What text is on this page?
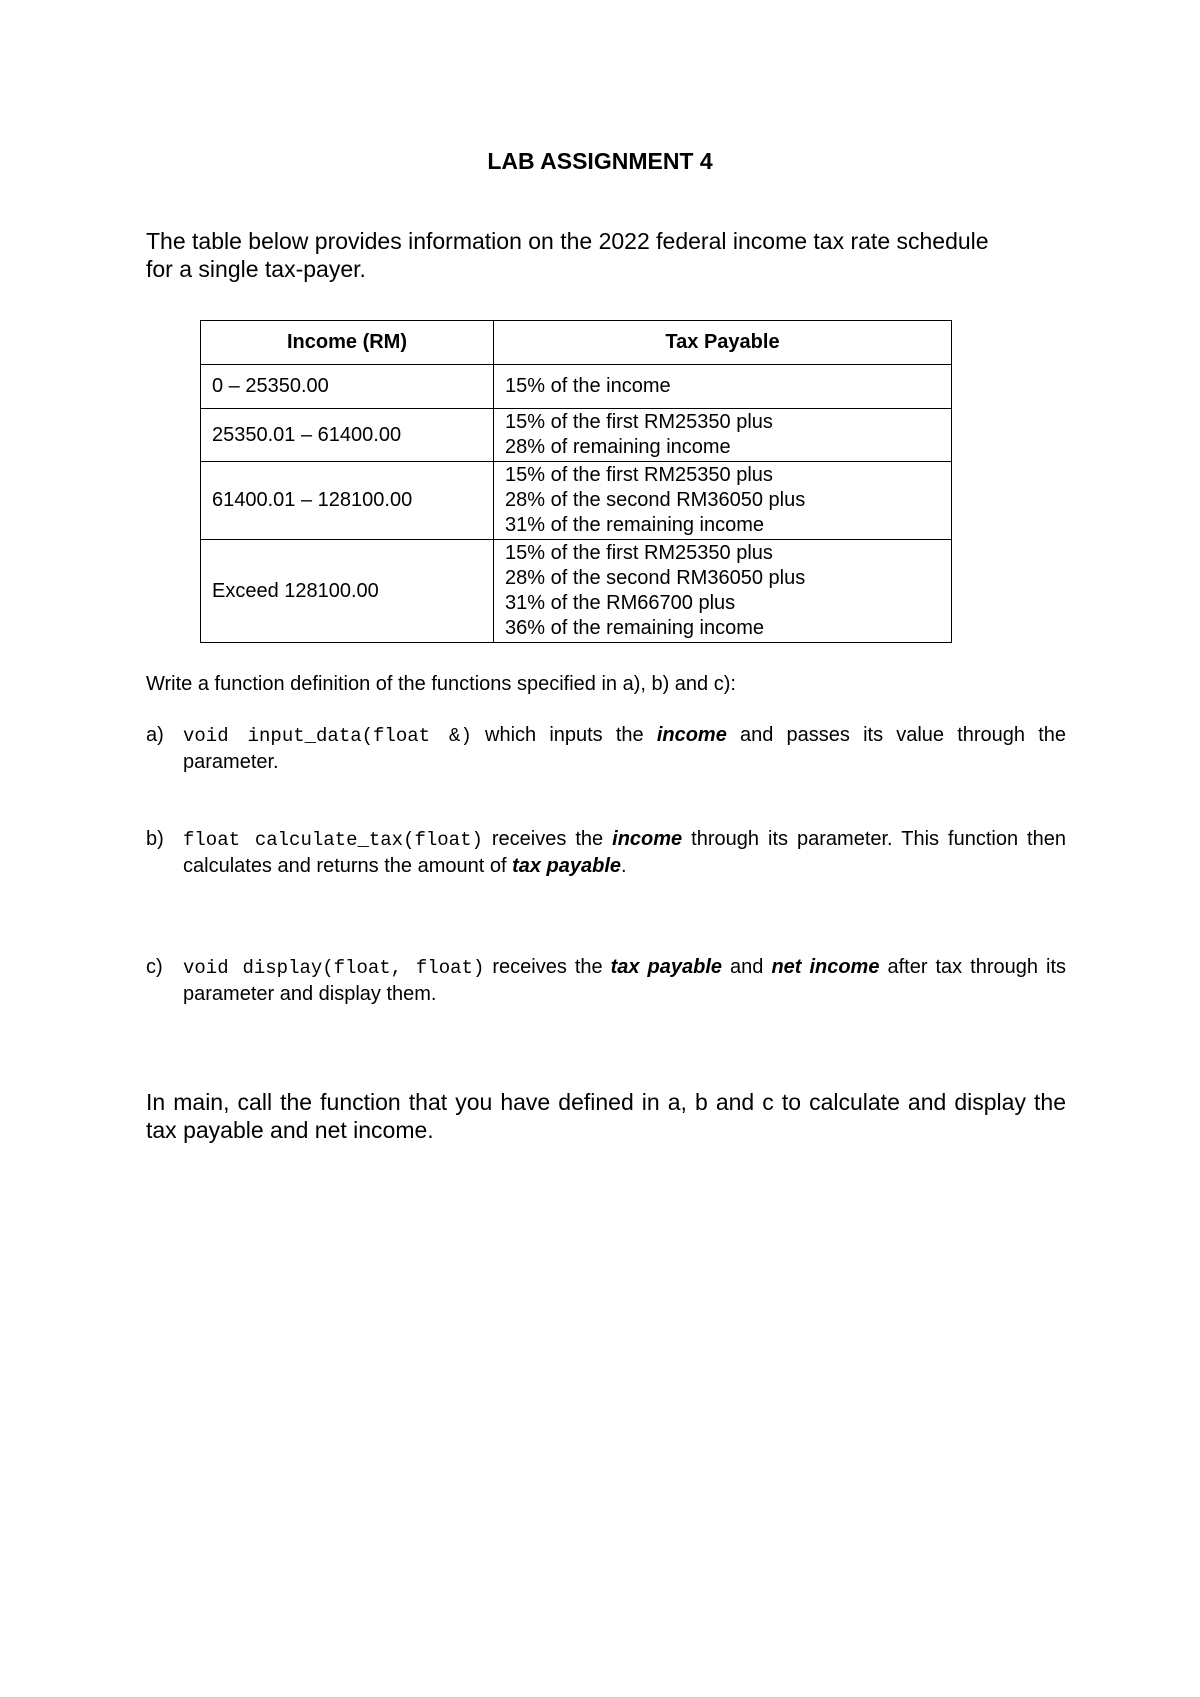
LAB ASSIGNMENT 4
The table below provides information on the 2022 federal income tax rate schedule
for a single tax-payer.
Income (RM)	Tax Payable
0 – 25350.00	15% of the income

25350.01 – 61400.00	15% of the first RM25350 plus
28% of remaining income

61400.01 – 128100.00	15% of the first RM25350 plus
28% of the second RM36050 plus
31% of the remaining income

Exceed 128100.00	15% of the first RM25350 plus
28% of the second RM36050 plus
31% of the RM66700 plus
36% of the remaining income
Write a function definition of the functions specified in a), b) and c):
a) void input_data(float &) which inputs the income and passes its value through the parameter.
b) float calculate_tax(float) receives the income through its parameter. This function then calculates and returns the amount of tax payable.
c) void display(float, float) receives the tax payable and net income after tax through its parameter and display them.
In main, call the function that you have defined in a, b and c to calculate and display the tax payable and net income.
